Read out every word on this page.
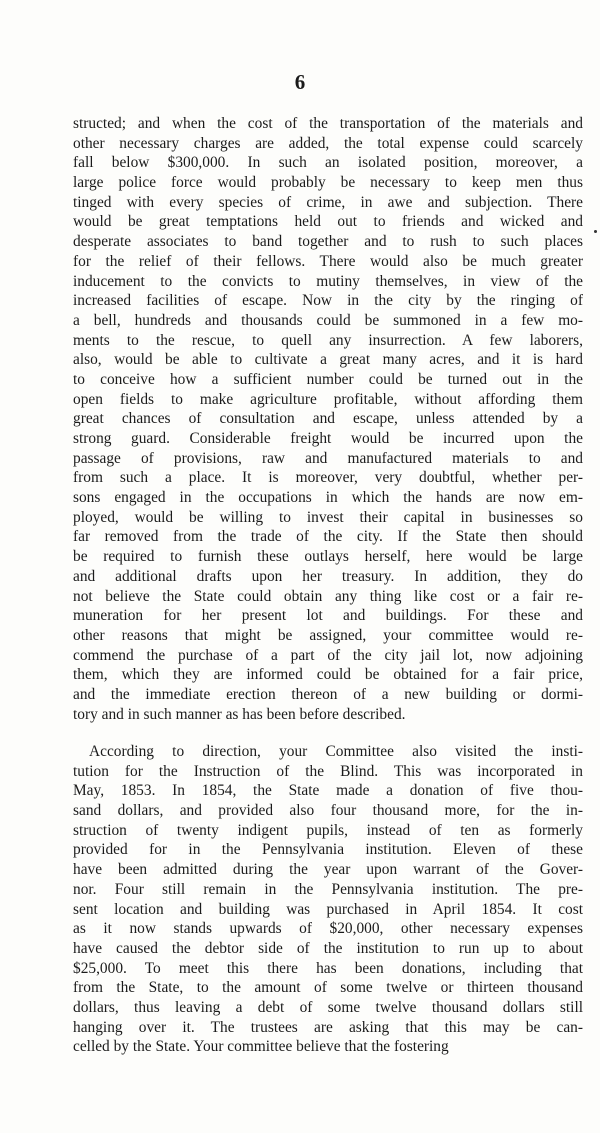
6
structed; and when the cost of the transportation of the materials and
other necessary charges are added, the total expense could scarcely
fall below $300,000. In such an isolated position, moreover, a
large police force would probably be necessary to keep men thus
tinged with every species of crime, in awe and subjection. There
would be great temptations held out to friends and wicked and
desperate associates to band together and to rush to such places
for the relief of their fellows. There would also be much greater
inducement to the convicts to mutiny themselves, in view of the
increased facilities of escape. Now in the city by the ringing of
a bell, hundreds and thousands could be summoned in a few mo-
ments to the rescue, to quell any insurrection. A few laborers,
also, would be able to cultivate a great many acres, and it is hard
to conceive how a sufficient number could be turned out in the
open fields to make agriculture profitable, without affording them
great chances of consultation and escape, unless attended by a
strong guard. Considerable freight would be incurred upon the
passage of provisions, raw and manufactured materials to and
from such a place. It is moreover, very doubtful, whether per-
sons engaged in the occupations in which the hands are now em-
ployed, would be willing to invest their capital in businesses so
far removed from the trade of the city. If the State then should
be required to furnish these outlays herself, here would be large
and additional drafts upon her treasury. In addition, they do
not believe the State could obtain any thing like cost or a fair re-
muneration for her present lot and buildings. For these and
other reasons that might be assigned, your committee would re-
commend the purchase of a part of the city jail lot, now adjoining
them, which they are informed could be obtained for a fair price,
and the immediate erection thereon of a new building or dormi-
tory and in such manner as has been before described.
According to direction, your Committee also visited the insti-
tution for the Instruction of the Blind. This was incorporated in
May, 1853. In 1854, the State made a donation of five thou-
sand dollars, and provided also four thousand more, for the in-
struction of twenty indigent pupils, instead of ten as formerly
provided for in the Pennsylvania institution. Eleven of these
have been admitted during the year upon warrant of the Gover-
nor. Four still remain in the Pennsylvania institution. The pre-
sent location and building was purchased in April 1854. It cost
as it now stands upwards of $20,000, other necessary expenses
have caused the debtor side of the institution to run up to about
$25,000. To meet this there has been donations, including that
from the State, to the amount of some twelve or thirteen thousand
dollars, thus leaving a debt of some twelve thousand dollars still
hanging over it. The trustees are asking that this may be can-
celled by the State. Your committee believe that the fostering
